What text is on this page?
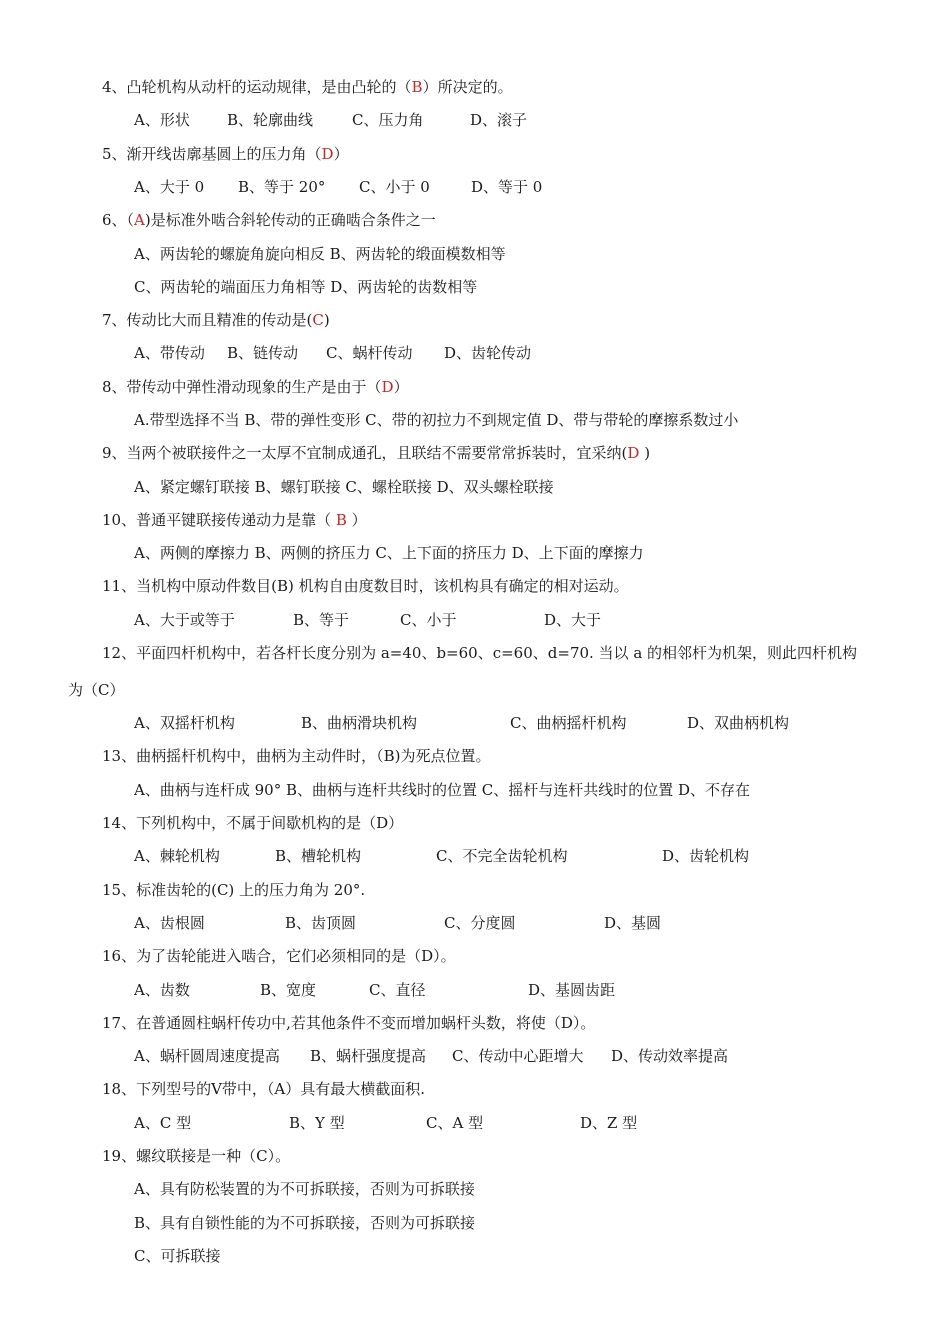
4、凸轮机构从动杆的运动规律，是由凸轮的（B）所决定的。

A、形状

B、轮廓曲线

	C、压力角

	D、滚子

5、渐开线齿廓基圆上的压力角（D）

A、大于 0

B、等于 20°

C、小于 0

	D、等于 0

6、（A)是标准外啮合斜轮传动的正确啮合条件之一
A、两齿轮的螺旋角旋向相反 B、两齿轮的缎面模数相等
C、两齿轮的端面压力角相等 D、两齿轮的齿数相等
7、传动比大而且精准的传动是(C)

A、带传动

B、链传动

C、蜗杆传动

D、齿轮传动

8、带传动中弹性滑动现象的生产是由于（D）
A.带型选择不当 B、带的弹性变形 C、带的初拉力不到规定值 D、带与带轮的摩擦系数过小
9、当两个被联接件之一太厚不宜制成通孔，且联结不需要常常拆装时，宜采纳(D )
A、紧定螺钉联接 B、螺钉联接 C、螺栓联接 D、双头螺栓联接
10、普通平键联接传递动力是靠（ B ）
A、两侧的摩擦力 B、两侧的挤压力 C、上下面的挤压力 D、上下面的摩擦力
11、当机构中原动件数目(B) 机构自由度数目时，该机构具有确定的相对运动。

A、大于或等于

	B、等于

	C、小于

	D、大于

12、平面四杆机构中，若各杆长度分别为 a=40、b=60、c=60、d=70. 当以 a 的相邻杆为机架，则此四杆机构
为（C）

A、双摇杆机构

	B、曲柄滑块机构

	C、曲柄摇杆机构

	D、双曲柄机构

13、曲柄摇杆机构中，曲柄为主动件时，（B)为死点位置。
A、曲柄与连杆成 90° B、曲柄与连杆共线时的位置 C、摇杆与连杆共线时的位置 D、不存在
14、下列机构中，不属于间歇机构的是（D）

A、棘轮机构

	B、槽轮机构

	C、不完全齿轮机构

	D、齿轮机构

15、标准齿轮的(C) 上的压力角为 20°.

A、齿根圆

	B、齿顶圆

	C、分度圆

	D、基圆

16、为了齿轮能进入啮合，它们必须相同的是（D）。

A、齿数

	B、宽度

	C、直径

	D、基圆齿距

17、在普通圆柱蜗杆传功中,若其他条件不变而增加蜗杆头数，将使（D）。

A、蜗杆圆周速度提高

B、蜗杆强度提高

C、传动中心距增大

D、传动效率提高

18、下列型号的Ⅴ带中，（A）具有最大横截面积.

A、C 型

	B、Y 型

	C、A 型

	D、Z 型

19、螺纹联接是一种（C）。
A、具有防松装置的为不可拆联接，否则为可拆联接
B、具有自锁性能的为不可拆联接，否则为可拆联接
C、可拆联接
